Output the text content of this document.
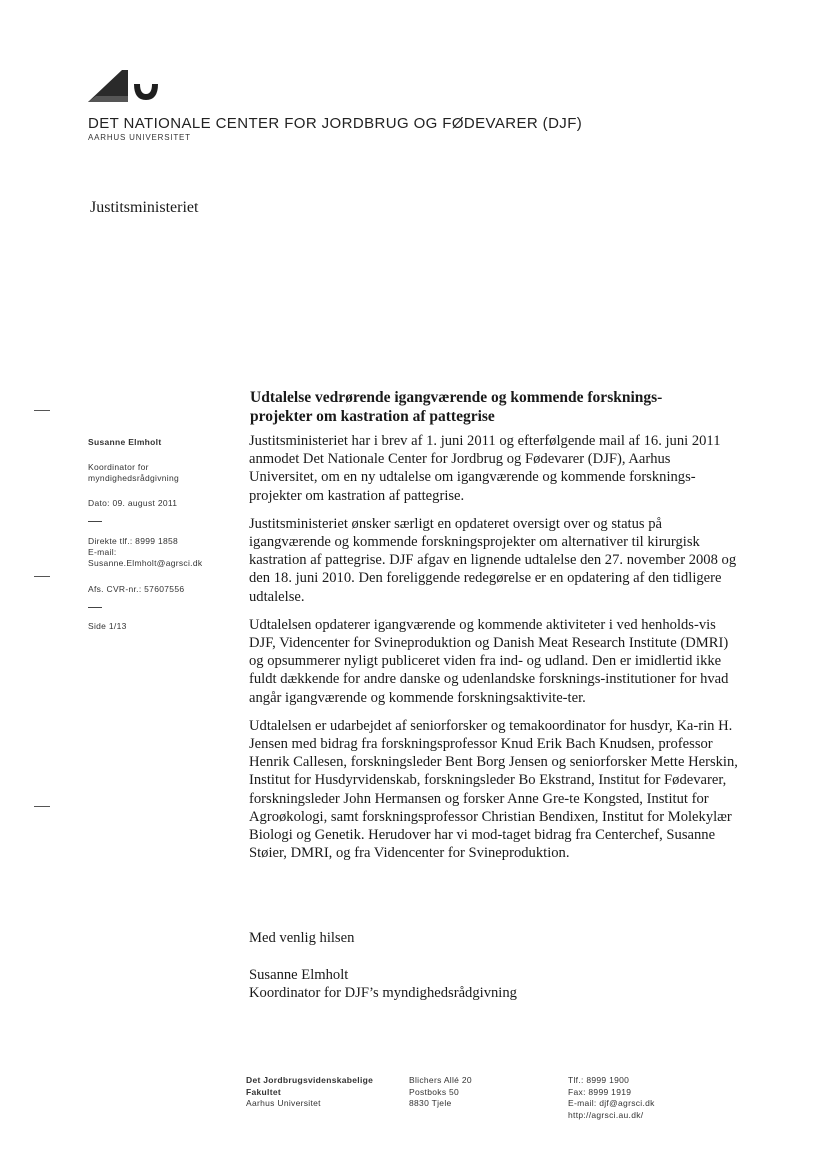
DET NATIONALE CENTER FOR JORDBRUG OG FØDEVARER (DJF)
AARHUS UNIVERSITET
Justitsministeriet
Susanne Elmholt
Koordinator for
myndighedsrådgivning
Dato: 09. august 2011
Direkte tlf.: 8999 1858
E-mail:
Susanne.Elmholt@agrsci.dk
Afs. CVR-nr.: 57607556
Side 1/13
Udtalelse vedrørende igangværende og kommende forsknings-
projekter om kastration af pattegrise

Justitsministeriet har i brev af 1. juni 2011 og efterfølgende mail af 16. juni 2011 anmodet Det Nationale Center for Jordbrug og Fødevarer (DJF), Aarhus Universitet, om en ny udtalelse om igangværende og kommende forsknings-projekter om kastration af pattegrise.

Justitsministeriet ønsker særligt en opdateret oversigt over og status på igangværende og kommende forskningsprojekter om alternativer til kirurgisk kastration af pattegrise. DJF afgav en lignende udtalelse den 27. november 2008 og den 18. juni 2010. Den foreliggende redegørelse er en opdatering af den tidligere udtalelse.

Udtalelsen opdaterer igangværende og kommende aktiviteter i ved henholds-vis DJF, Videncenter for Svineproduktion og Danish Meat Research Institute (DMRI) og opsummerer nyligt publiceret viden fra ind- og udland. Den er imidlertid ikke fuldt dækkende for andre danske og udenlandske forsknings-institutioner for hvad angår igangværende og kommende forskningsaktivite-ter.

Udtalelsen er udarbejdet af seniorforsker og temakoordinator for husdyr, Ka-rin H. Jensen med bidrag fra forskningsprofessor Knud Erik Bach Knudsen, professor Henrik Callesen, forskningsleder Bent Borg Jensen og seniorforsker Mette Herskin, Institut for Husdyrvidenskab, forskningsleder Bo Ekstrand, Institut for Fødevarer, forskningsleder John Hermansen og forsker Anne Gre-te Kongsted, Institut for Agroøkologi, samt forskningsprofessor Christian Bendixen, Institut for Molekylær Biologi og Genetik. Herudover har vi mod-taget bidrag fra Centerchef, Susanne Støier, DMRI, og fra Videncenter for Svineproduktion.

Med venlig hilsen
Susanne Elmholt
Koordinator for DJF’s myndighedsrådgivning
Det Jordbrugsvidenskabelige
Fakultet
Aarhus Universitet
Blichers Allé 20
Postboks 50
8830 Tjele
Tlf.: 8999 1900
Fax: 8999 1919
E-mail: djf@agrsci.dk
http://agrsci.au.dk/
